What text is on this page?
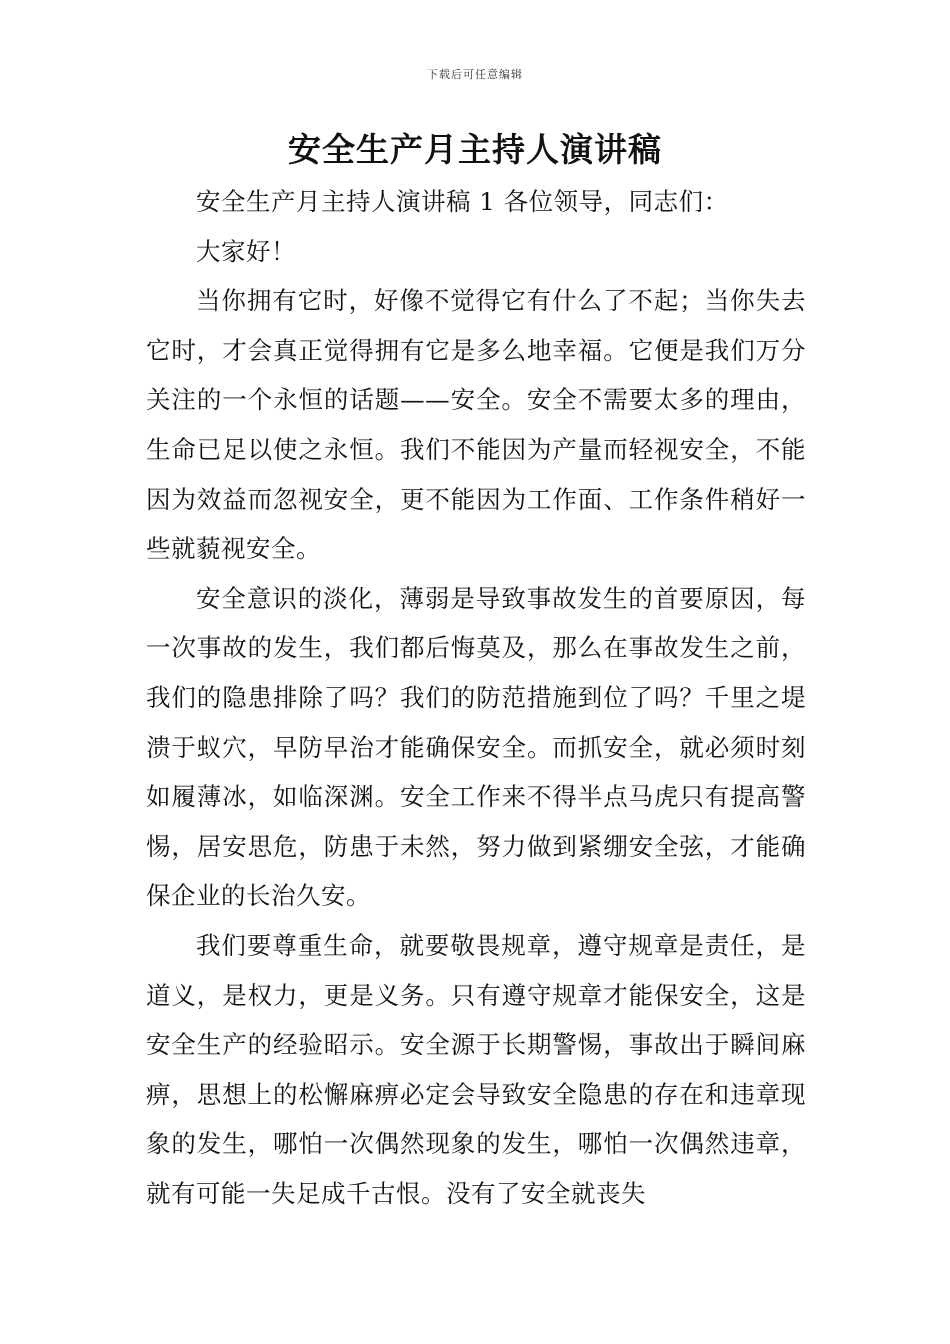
下载后可任意编辑
安全生产月主持人演讲稿

安全生产月主持人演讲稿 1 各位领导，同志们：

大家好！

当你拥有它时，好像不觉得它有什么了不起；当你失去它时，才会真正觉得拥有它是多么地幸福。它便是我们万分关注的一个永恒的话题——安全。安全不需要太多的理由，生命已足以使之永恒。我们不能因为产量而轻视安全，不能因为效益而忽视安全，更不能因为工作面、工作条件稍好一些就藐视安全。

安全意识的淡化，薄弱是导致事故发生的首要原因，每一次事故的发生，我们都后悔莫及，那么在事故发生之前，我们的隐患排除了吗？我们的防范措施到位了吗？千里之堤溃于蚁穴，早防早治才能确保安全。而抓安全，就必须时刻如履薄冰，如临深渊。安全工作来不得半点马虎只有提高警惕，居安思危，防患于未然，努力做到紧绷安全弦，才能确保企业的长治久安。

我们要尊重生命，就要敬畏规章，遵守规章是责任，是道义，是权力，更是义务。只有遵守规章才能保安全，这是安全生产的经验昭示。安全源于长期警惕，事故出于瞬间麻痹，思想上的松懈麻痹必定会导致安全隐患的存在和违章现象的发生，哪怕一次偶然现象的发生，哪怕一次偶然违章，就有可能一失足成千古恨。没有了安全就丧失
